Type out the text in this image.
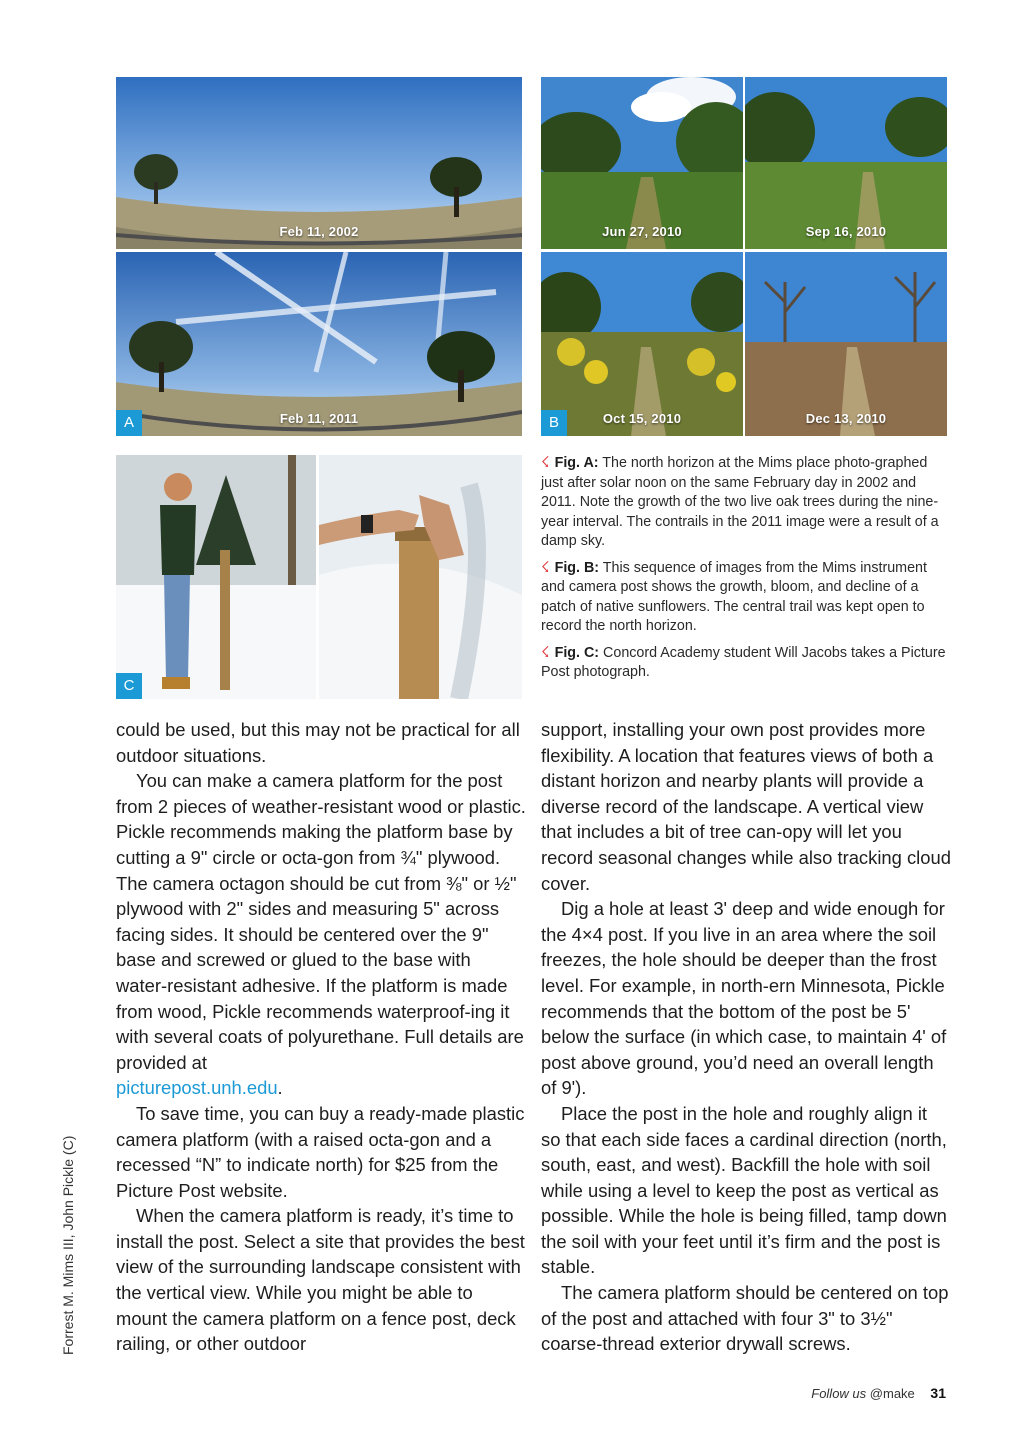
Feb 11, 2002
Feb 11, 2011
A
Jun 27, 2010	Sep 16, 2010
Oct 15, 2010
B	Dec 13, 2010
C

☇ Fig. A: The north horizon at the Mims place photo-graphed just after solar noon on the same February day in 2002 and 2011. Note the growth of the two live oak trees during the nine-year interval. The contrails in the 2011 image were a result of a damp sky.

☇ Fig. B: This sequence of images from the Mims instrument and camera post shows the growth, bloom, and decline of a patch of native sunflowers. The central trail was kept open to record the north horizon.

☇ Fig. C: Concord Academy student Will Jacobs takes a Picture Post photograph.

could be used, but this may not be practical for all outdoor situations.

You can make a camera platform for the post from 2 pieces of weather-resistant wood or plastic. Pickle recommends making the platform base by cutting a 9" circle or octa-gon from ¾" plywood. The camera octagon should be cut from ⅜" or ½" plywood with 2" sides and measuring 5" across facing sides. It should be centered over the 9" base and screwed or glued to the base with water-resistant adhesive. If the platform is made from wood, Pickle recommends waterproof-ing it with several coats of polyurethane. Full details are provided at

picturepost.unh.edu.

To save time, you can buy a ready-made plastic camera platform (with a raised octa-gon and a recessed “N” to indicate north) for $25 from the Picture Post website.

When the camera platform is ready, it’s time to install the post. Select a site that provides the best view of the surrounding landscape consistent with the vertical view. While you might be able to mount the camera platform on a fence post, deck railing, or other outdoor

support, installing your own post provides more flexibility. A location that features views of both a distant horizon and nearby plants will provide a diverse record of the landscape. A vertical view that includes a bit of tree can-opy will let you record seasonal changes while also tracking cloud cover.

Dig a hole at least 3' deep and wide enough for the 4×4 post. If you live in an area where the soil freezes, the hole should be deeper than the frost level. For example, in north-ern Minnesota, Pickle recommends that the bottom of the post be 5' below the surface (in which case, to maintain 4' of post above ground, you’d need an overall length of 9').

Place the post in the hole and roughly align it so that each side faces a cardinal direction (north, south, east, and west). Backfill the hole with soil while using a level to keep the post as vertical as possible. While the hole is being filled, tamp down the soil with your feet until it’s firm and the post is stable.

The camera platform should be centered on top of the post and attached with four 3" to 3½" coarse-thread exterior drywall screws.

Forrest M. Mims III, John Pickle (C)
Follow us @make 31
